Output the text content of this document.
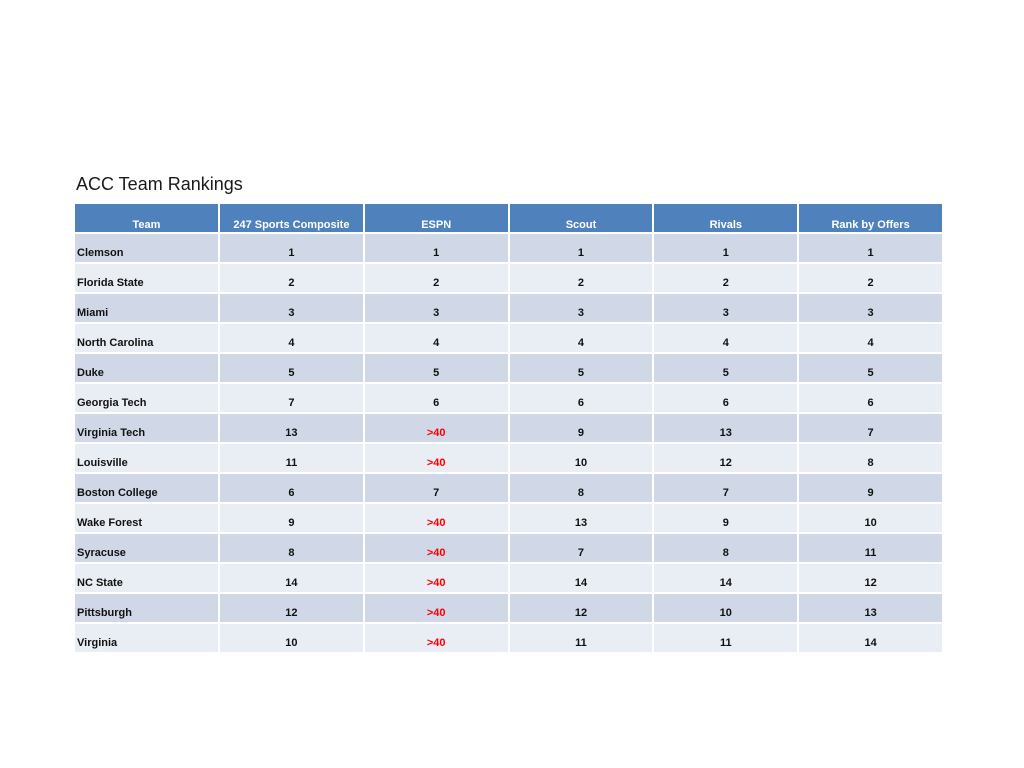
ACC Team Rankings
Team	247 Sports Composite	ESPN	Scout	Rivals	Rank by Offers
Clemson	1	1	1	1	1
Florida State	2	2	2	2	2
Miami	3	3	3	3	3
North Carolina	4	4	4	4	4
Duke	5	5	5	5	5
Georgia Tech	7	6	6	6	6
Virginia Tech	13	>40	9	13	7
Louisville	11	>40	10	12	8
Boston College	6	7	8	7	9
Wake Forest	9	>40	13	9	10
Syracuse	8	>40	7	8	11
NC State	14	>40	14	14	12
Pittsburgh	12	>40	12	10	13
Virginia	10	>40	11	11	14
